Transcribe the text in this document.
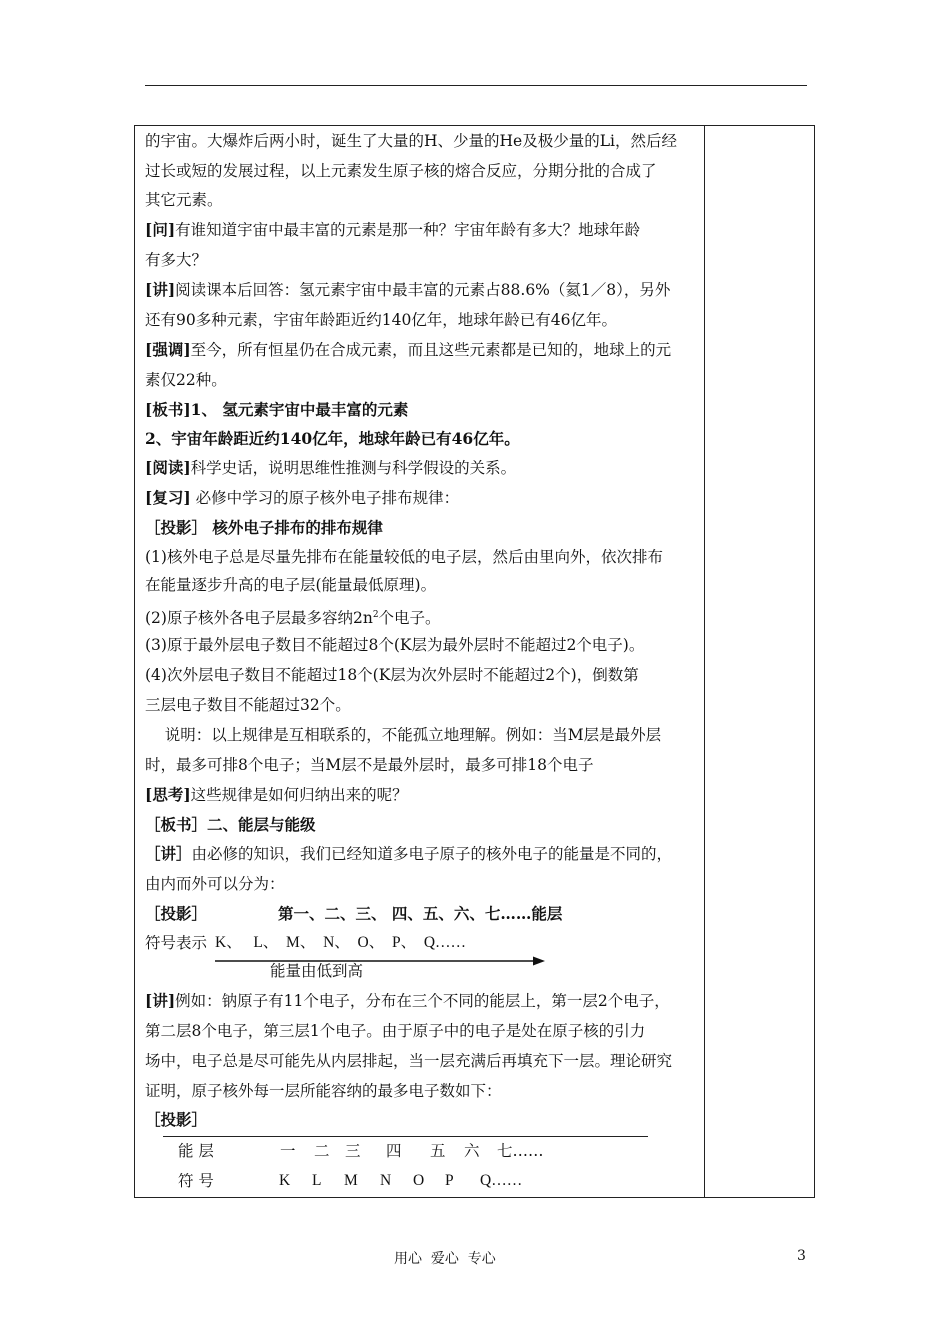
的宇宙。大爆炸后两小时，诞生了大量的H、少量的He及极少量的Li，然后经
过长或短的发展过程，以上元素发生原子核的熔合反应，分期分批的合成了
其它元素。
[问]有谁知道宇宙中最丰富的元素是那一种？宇宙年龄有多大？地球年龄
有多大？
[讲]阅读课本后回答：氢元素宇宙中最丰富的元素占88.6%（氦1／8），另外
还有90多种元素，宇宙年龄距近约140亿年，地球年龄已有46亿年。
[强调]至今，所有恒星仍在合成元素，而且这些元素都是已知的，地球上的元
素仅22种。
[板书]1、 氢元素宇宙中最丰富的元素
2、宇宙年龄距近约140亿年，地球年龄已有46亿年。
[阅读]科学史话，说明思维性推测与科学假设的关系。
[复习] 必修中学习的原子核外电子排布规律：
［投影］ 核外电子排布的排布规律
(1)核外电子总是尽量先排布在能量较低的电子层，然后由里向外，依次排布
在能量逐步升高的电子层(能量最低原理)。
(2)原子核外各电子层最多容纳$2n^2$个电子。
(3)原于最外层电子数目不能超过8个(K层为最外层时不能超过2个电子)。
(4)次外层电子数目不能超过18个(K层为次外层时不能超过2个)，倒数第
三层电子数目不能超过32个。
说明：以上规律是互相联系的，不能孤立地理解。例如：当M层是最外层
时，最多可排8个电子；当M层不是最外层时，最多可排18个电子
[思考]这些规律是如何归纳出来的呢？
［板书］二、能层与能级
［讲］由必修的知识，我们已经知道多电子原子的核外电子的能量是不同的，
由内而外可以分为：
［投影］	第一、二、三、 四、五、六、七……能层
符号表示 K、   L、  M、  N、  O、  P、  Q……
能量由低到高
[讲]例如：钠原子有11个电子，分布在三个不同的能层上，第一层2个电子，
第二层8个电子，第三层1个电子。由于原子中的电子是处在原子核的引力
场中，电子总是尽可能先从内层排起，当一层充满后再填充下一层。理论研究
证明，原子核外每一层所能容纳的最多电子数如下：
［投影］
能 层	一 二 三 四 五 六 七……
符 号	K L M N O P Q……
用心  爱心  专心	3
